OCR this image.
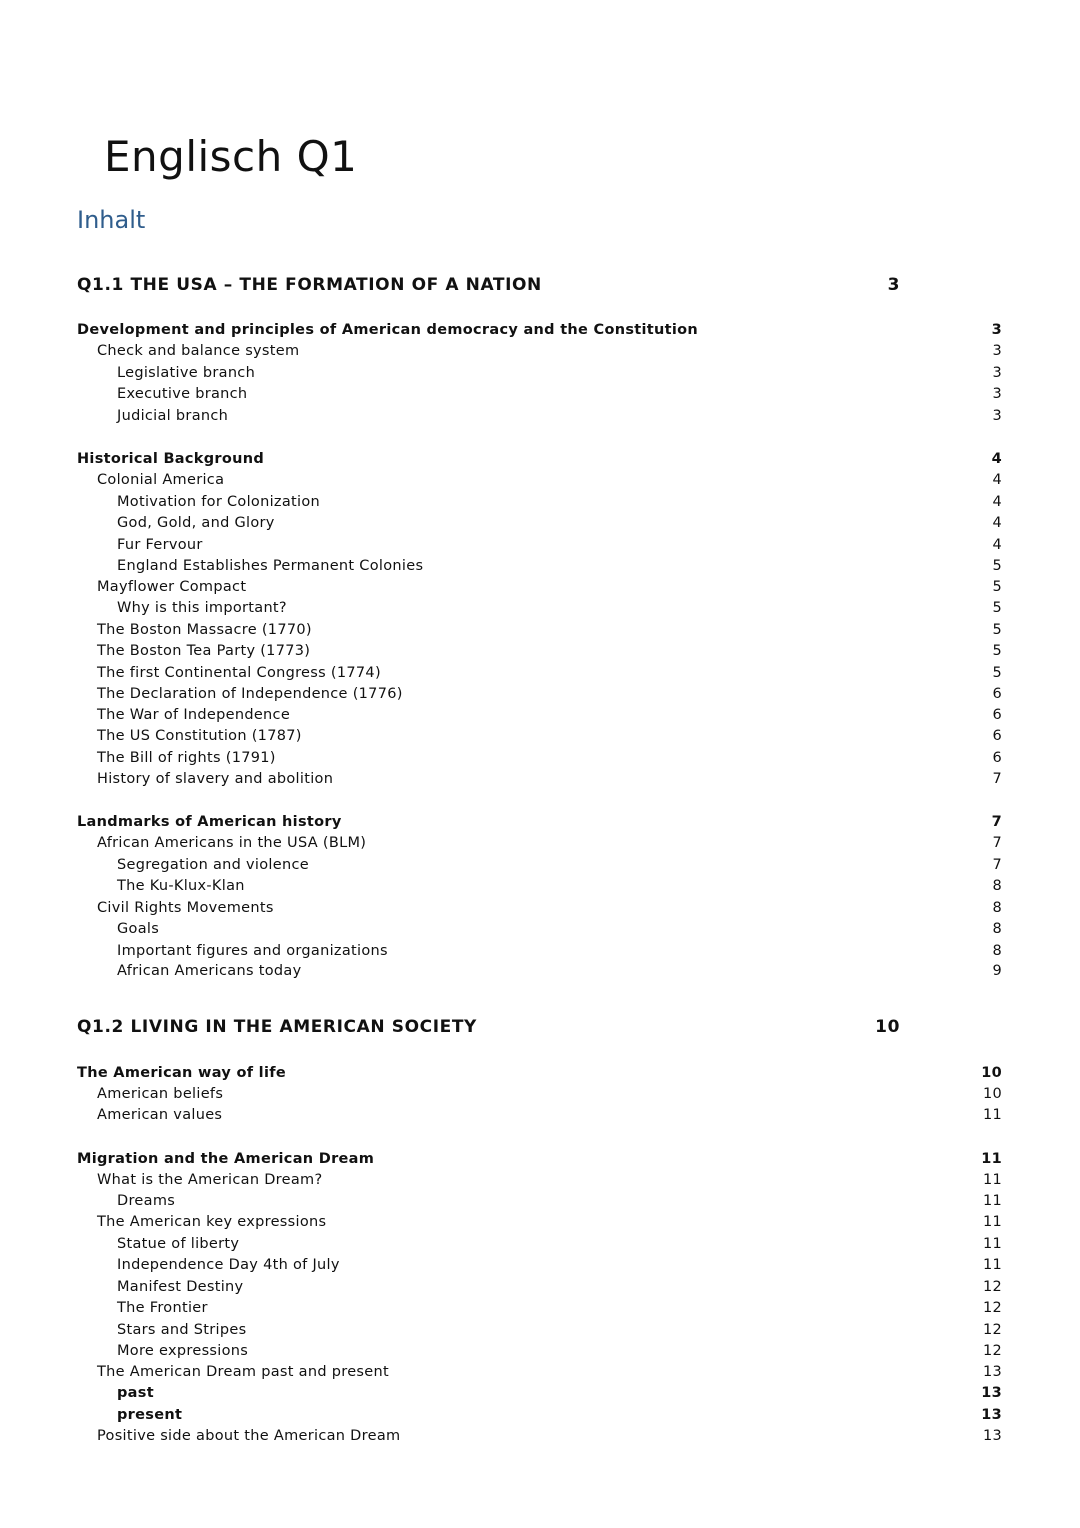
Englisch Q1
Inhalt
Q1.1 THE USA – THE FORMATION OF A NATION	3
Development and principles of American democracy and the Constitution	3
Check and balance system	3
Legislative branch	3
Executive branch	3
Judicial branch	3
Historical Background	4
Colonial America	4
Motivation for Colonization	4
God, Gold, and Glory	4
Fur Fervour	4
England Establishes Permanent Colonies	5
Mayflower Compact	5
Why is this important?	5
The Boston Massacre (1770)	5
The Boston Tea Party (1773)	5
The first Continental Congress (1774)	5
The Declaration of Independence (1776)	6
The War of Independence	6
The US Constitution (1787)	6
The Bill of rights (1791)	6
History of slavery and abolition	7
Landmarks of American history	7
African Americans in the USA (BLM)	7
Segregation and violence	7
The Ku-Klux-Klan	8
Civil Rights Movements	8
Goals	8
Important figures and organizations	8
African Americans today	9
Q1.2 LIVING IN THE AMERICAN SOCIETY	10
The American way of life	10
American beliefs	10
American values	11
Migration and the American Dream	11
What is the American Dream?	11
Dreams	11
The American key expressions	11
Statue of liberty	11
Independence Day 4th of July	11
Manifest Destiny	12
The Frontier	12
Stars and Stripes	12
More expressions	12
The American Dream past and present	13
past	13
present	13
Positive side about the American Dream	13
